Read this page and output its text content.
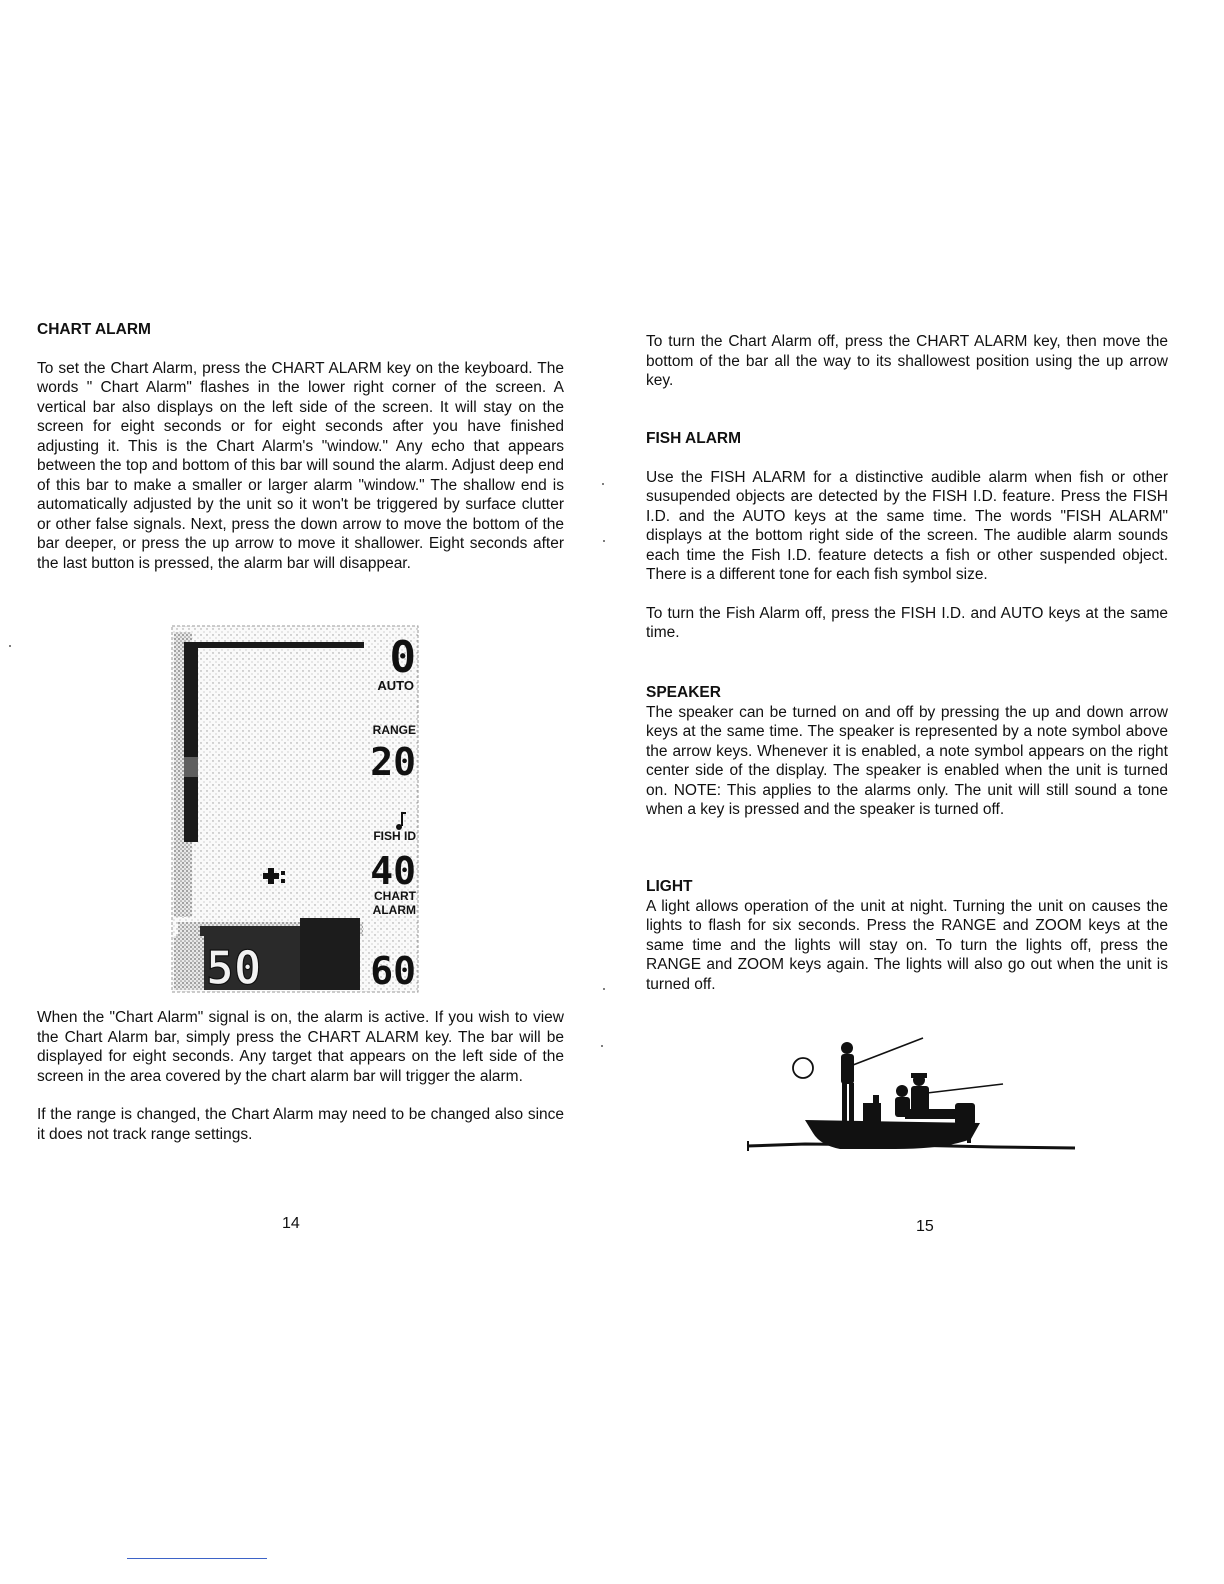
CHART ALARM

To set the Chart Alarm, press the CHART ALARM key on the keyboard. The words " Chart Alarm" flashes in the lower right corner of the screen. A vertical bar also displays on the left side of the screen. It will stay on the screen for eight seconds or for eight seconds after you have finished adjusting it. This is the Chart Alarm's "window." Any echo that appears between the top and bottom of this bar will sound the alarm. Adjust deep end of this bar to make a smaller or larger alarm "window." The shallow end is automatically adjusted by the unit so it won't be triggered by surface clutter or other false signals. Next, press the down arrow to move the bottom of the bar deeper, or press the up arrow to move it shallower. Eight seconds after the last button is pressed, the alarm bar will disappear.

0
AUTO
RANGE
20
FISH ID
40
CHART
ALARM
50	60

When the "Chart Alarm" signal is on, the alarm is active. If you wish to view the Chart Alarm bar, simply press the CHART ALARM key. The bar will be displayed for eight seconds. Any target that appears on the left side of the screen in the area covered by the chart alarm bar will trigger the alarm.

If the range is changed, the Chart Alarm may need to be changed also since it does not track range settings.

14

To turn the Chart Alarm off, press the CHART ALARM key, then move the bottom of the bar all the way to its shallowest position using the up arrow key.

FISH ALARM

Use the FISH ALARM for a distinctive audible alarm when fish or other susupended objects are detected by the FISH I.D. feature. Press the FISH I.D. and the AUTO keys at the same time. The words "FISH ALARM" displays at the bottom right side of the screen. The audible alarm sounds each time the Fish I.D. feature detects a fish or other suspended object. There is a different tone for each fish symbol size.

To turn the Fish Alarm off, press the FISH I.D. and AUTO keys at the same time.

SPEAKER

The speaker can be turned on and off by pressing the up and down arrow keys at the same time. The speaker is represented by a note symbol above the arrow keys. Whenever it is enabled, a note symbol appears on the right center side of the display. The speaker is enabled when the unit is turned on. NOTE: This applies to the alarms only. The unit will still sound a tone when a key is pressed and the speaker is turned off.

LIGHT

A light allows operation of the unit at night. Turning the unit on causes the lights to flash for six seconds. Press the RANGE and ZOOM keys at the same time and the lights will stay on. To turn the lights off, press the RANGE and ZOOM keys again. The lights will also go out when the unit is turned off.

15
